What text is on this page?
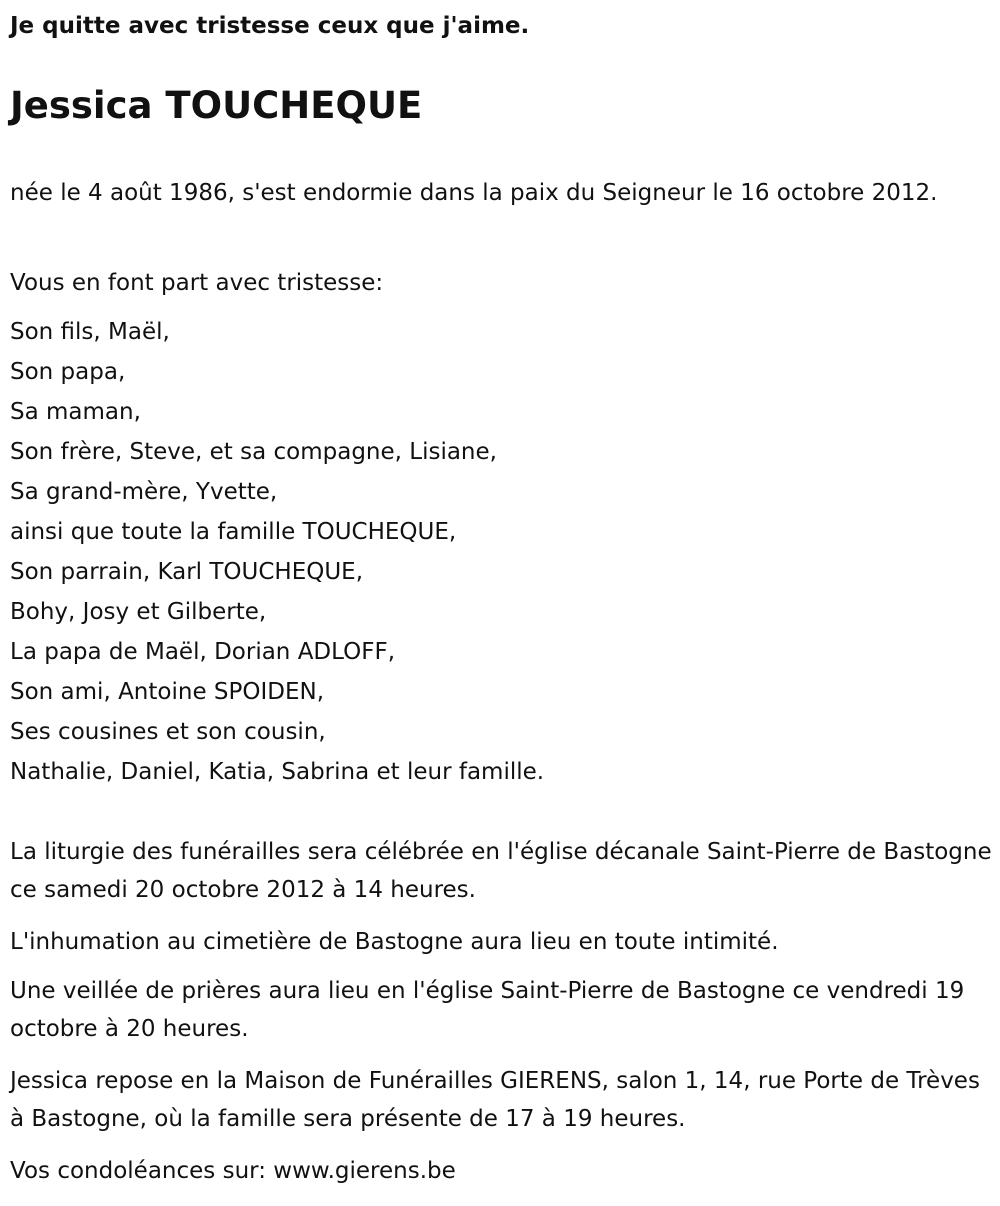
Je quitte avec tristesse ceux que j'aime.
Jessica TOUCHEQUE
née le 4 août 1986, s'est endormie dans la paix du Seigneur le 16 octobre 2012.
Vous en font part avec tristesse:
Son fils, Maël,
Son papa,
Sa maman,
Son frère, Steve, et sa compagne, Lisiane,
Sa grand-mère, Yvette,
ainsi que toute la famille TOUCHEQUE,
Son parrain, Karl TOUCHEQUE,
Bohy, Josy et Gilberte,
La papa de Maël, Dorian ADLOFF,
Son ami, Antoine SPOIDEN,
Ses cousines et son cousin,
Nathalie, Daniel, Katia, Sabrina et leur famille.
La liturgie des funérailles sera célébrée en l'église décanale Saint-Pierre de Bastogne ce samedi 20 octobre 2012 à 14 heures.
L'inhumation au cimetière de Bastogne aura lieu en toute intimité.
Une veillée de prières aura lieu en l'église Saint-Pierre de Bastogne ce vendredi 19 octobre à 20 heures.
Jessica repose en la Maison de Funérailles GIERENS, salon 1, 14, rue Porte de Trèves à Bastogne, où la famille sera présente de 17 à 19 heures.
Vos condoléances sur: www.gierens.be
